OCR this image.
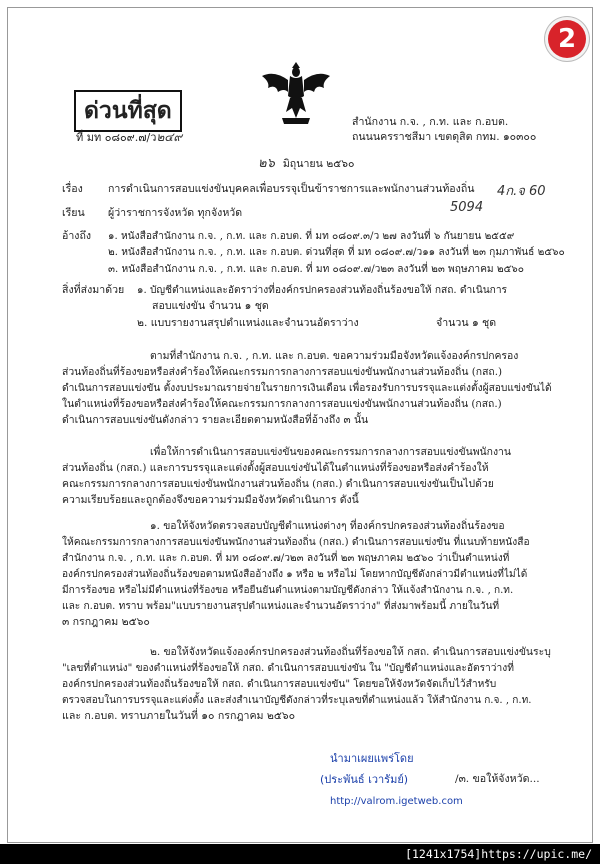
2
ด่วนที่สุด
ที่ มท ๐๘๐๙.๗/ว๒๔๙
สำนักงาน ก.จ. , ก.ท. และ ก.อบต.
ถนนนครราชสีมา เขตดุสิต กทม. ๑๐๓๐๐
๒๖ มิถุนายน ๒๕๖๐
เรื่อง การดำเนินการสอบแข่งขันบุคคลเพื่อบรรจุเป็นข้าราชการและพนักงานส่วนท้องถิ่น 4ก.จ 60
เรียน ผู้ว่าราชการจังหวัด ทุกจังหวัด	5094
อ้างถึง ๑. หนังสือสำนักงาน ก.จ. , ก.ท. และ ก.อบต. ที่ มท ๐๘๐๙.๓/ว ๒๗ ลงวันที่ ๖ กันยายน ๒๕๕๙
๒. หนังสือสำนักงาน ก.จ. , ก.ท. และ ก.อบต. ด่วนที่สุด ที่ มท ๐๘๐๙.๗/ว๑๑ ลงวันที่ ๒๓ กุมภาพันธ์ ๒๕๖๐
๓. หนังสือสำนักงาน ก.จ. , ก.ท. และ ก.อบต. ที่ มท ๐๘๐๙.๗/ว๒๓ ลงวันที่ ๒๓ พฤษภาคม ๒๕๖๐
สิ่งที่ส่งมาด้วย ๑. บัญชีตำแหน่งและอัตราว่างที่องค์กรปกครองส่วนท้องถิ่นร้องขอให้ กสถ. ดำเนินการ
สอบแข่งขัน จำนวน ๑ ชุด
๒. แบบรายงานสรุปตำแหน่งและจำนวนอัตราว่าง	จำนวน ๑ ชุด
ตามที่สำนักงาน ก.จ. , ก.ท. และ ก.อบต. ขอความร่วมมือจังหวัดแจ้งองค์กรปกครอง
ส่วนท้องถิ่นที่ร้องขอหรือส่งคำร้องให้คณะกรรมการกลางการสอบแข่งขันพนักงานส่วนท้องถิ่น (กสถ.)
ดำเนินการสอบแข่งขัน ตั้งงบประมาณรายจ่ายในรายการเงินเดือน เพื่อรองรับการบรรจุและแต่งตั้งผู้สอบแข่งขันได้
ในตำแหน่งที่ร้องขอหรือส่งคำร้องให้คณะกรรมการกลางการสอบแข่งขันพนักงานส่วนท้องถิ่น (กสถ.)
ดำเนินการสอบแข่งขันดังกล่าว รายละเอียดตามหนังสือที่อ้างถึง ๓ นั้น
เพื่อให้การดำเนินการสอบแข่งขันของคณะกรรมการกลางการสอบแข่งขันพนักงาน
ส่วนท้องถิ่น (กสถ.) และการบรรจุและแต่งตั้งผู้สอบแข่งขันได้ในตำแหน่งที่ร้องขอหรือส่งคำร้องให้
คณะกรรมการกลางการสอบแข่งขันพนักงานส่วนท้องถิ่น (กสถ.) ดำเนินการสอบแข่งขันเป็นไปด้วย
ความเรียบร้อยและถูกต้องจึงขอความร่วมมือจังหวัดดำเนินการ ดังนี้
๑. ขอให้จังหวัดตรวจสอบบัญชีตำแหน่งต่างๆ ที่องค์กรปกครองส่วนท้องถิ่นร้องขอ
ให้คณะกรรมการกลางการสอบแข่งขันพนักงานส่วนท้องถิ่น (กสถ.) ดำเนินการสอบแข่งขัน ที่แนบท้ายหนังสือ
สำนักงาน ก.จ. , ก.ท. และ ก.อบต. ที่ มท ๐๘๐๙.๗/ว๒๓ ลงวันที่ ๒๓ พฤษภาคม ๒๕๖๐ ว่าเป็นตำแหน่งที่
องค์กรปกครองส่วนท้องถิ่นร้องขอตามหนังสืออ้างถึง ๑ หรือ ๒ หรือไม่ โดยหากบัญชีดังกล่าวมีตำแหน่งที่ไม่ได้
มีการร้องขอ หรือไม่มีตำแหน่งที่ร้องขอ หรือยืนยันตำแหน่งตามบัญชีดังกล่าว ให้แจ้งสำนักงาน ก.จ. , ก.ท.
และ ก.อบต. ทราบ พร้อม"แบบรายงานสรุปตำแหน่งและจำนวนอัตราว่าง" ที่ส่งมาพร้อมนี้ ภายในวันที่
๓ กรกฎาคม ๒๕๖๐
๒. ขอให้จังหวัดแจ้งองค์กรปกครองส่วนท้องถิ่นที่ร้องขอให้ กสถ. ดำเนินการสอบแข่งขันระบุ
"เลขที่ตำแหน่ง" ของตำแหน่งที่ร้องขอให้ กสถ. ดำเนินการสอบแข่งขัน ใน "บัญชีตำแหน่งและอัตราว่างที่
องค์กรปกครองส่วนท้องถิ่นร้องขอให้ กสถ. ดำเนินการสอบแข่งขัน" โดยขอให้จังหวัดจัดเก็บไว้สำหรับ
ตรวจสอบในการบรรจุและแต่งตั้ง และส่งสำเนาบัญชีดังกล่าวที่ระบุเลขที่ตำแหน่งแล้ว ให้สำนักงาน ก.จ. , ก.ท.
และ ก.อบต. ทราบภายในวันที่ ๑๐ กรกฎาคม ๒๕๖๐
นำมาเผยแพร่โดย
(ประพันธ์ เวารัมย์)
http://valrom.igetweb.com
/๓. ขอให้จังหวัด...
[1241x1754]https://upic.me/
